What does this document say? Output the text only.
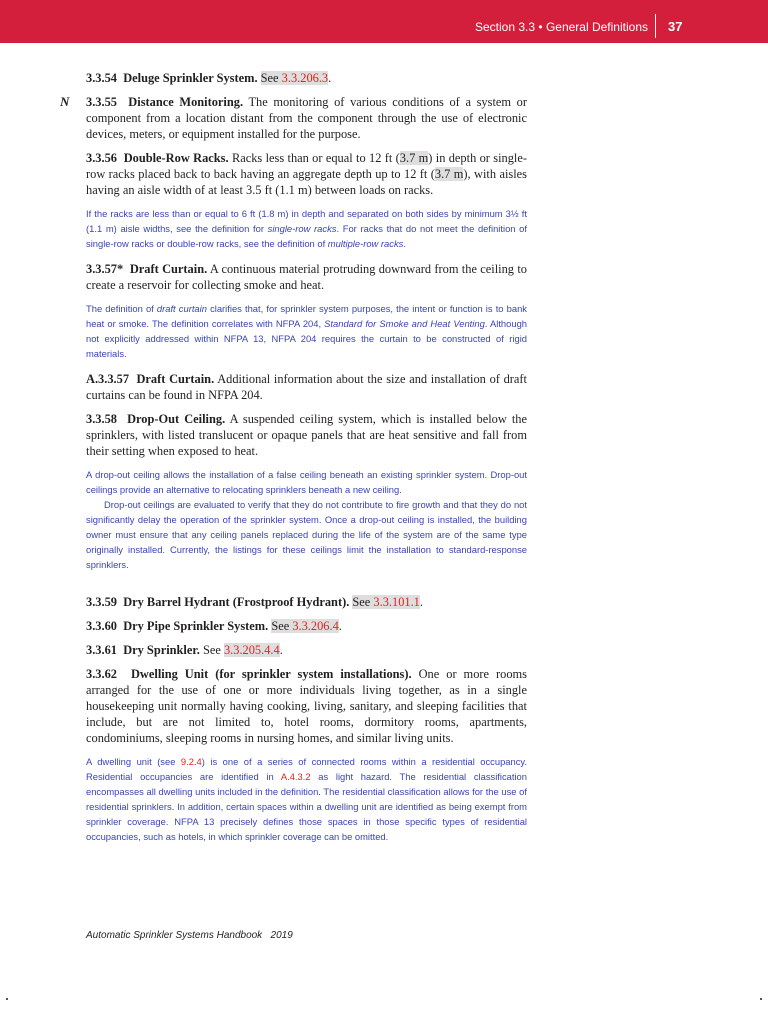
Section 3.3 • General Definitions 37

3.3.54 Deluge Sprinkler System. See 3.3.206.3.

N 3.3.55 Distance Monitoring. The monitoring of various conditions of a system or component from a location distant from the component through the use of electronic devices, meters, or equipment installed for the purpose.

3.3.56 Double-Row Racks. Racks less than or equal to 12 ft (3.7 m) in depth or single-row racks placed back to back having an aggregate depth up to 12 ft (3.7 m), with aisles having an aisle width of at least 3.5 ft (1.1 m) between loads on racks.

If the racks are less than or equal to 6 ft (1.8 m) in depth and separated on both sides by minimum 3½ ft (1.1 m) aisle widths, see the definition for single-row racks. For racks that do not meet the definition of single-row racks or double-row racks, see the definition of multiple-row racks.

3.3.57* Draft Curtain. A continuous material protruding downward from the ceiling to create a reservoir for collecting smoke and heat.

The definition of draft curtain clarifies that, for sprinkler system purposes, the intent or function is to bank heat or smoke. The definition correlates with NFPA 204, Standard for Smoke and Heat Venting. Although not explicitly addressed within NFPA 13, NFPA 204 requires the curtain to be constructed of rigid materials.

A.3.3.57 Draft Curtain. Additional information about the size and installation of draft curtains can be found in NFPA 204.

3.3.58 Drop-Out Ceiling. A suspended ceiling system, which is installed below the sprinklers, with listed translucent or opaque panels that are heat sensitive and fall from their setting when exposed to heat.

A drop-out ceiling allows the installation of a false ceiling beneath an existing sprinkler system. Drop-out ceilings provide an alternative to relocating sprinklers beneath a new ceiling.
Drop-out ceilings are evaluated to verify that they do not contribute to fire growth and that they do not significantly delay the operation of the sprinkler system. Once a drop-out ceiling is installed, the building owner must ensure that any ceiling panels replaced during the life of the system are of the same type originally installed. Currently, the listings for these ceilings limit the installation to standard-response sprinklers.

3.3.59 Dry Barrel Hydrant (Frostproof Hydrant). See 3.3.101.1.

3.3.60 Dry Pipe Sprinkler System. See 3.3.206.4.

3.3.61 Dry Sprinkler. See 3.3.205.4.4.

3.3.62 Dwelling Unit (for sprinkler system installations). One or more rooms arranged for the use of one or more individuals living together, as in a single housekeeping unit normally having cooking, living, sanitary, and sleeping facilities that include, but are not limited to, hotel rooms, dormitory rooms, apartments, condominiums, sleeping rooms in nursing homes, and similar living units.

A dwelling unit (see 9.2.4) is one of a series of connected rooms within a residential occupancy. Residential occupancies are identified in A.4.3.2 as light hazard. The residential classification encompasses all dwelling units included in the definition. The residential classification allows for the use of residential sprinklers. In addition, certain spaces within a dwelling unit are identified as being exempt from sprinkler coverage. NFPA 13 precisely defines those spaces in those specific types of residential occupancies, such as hotels, in which sprinkler coverage can be omitted.

Automatic Sprinkler Systems Handbook 2019
